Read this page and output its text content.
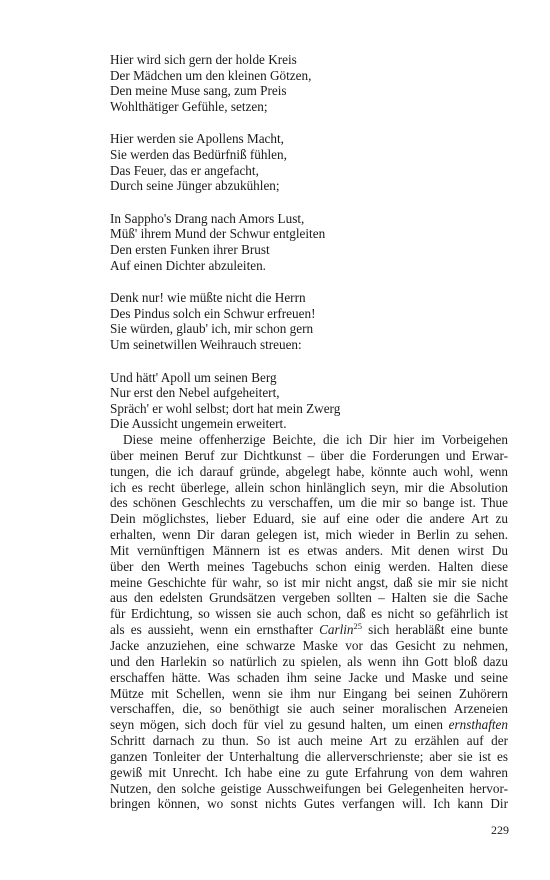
Hier wird sich gern der holde Kreis
Der Mädchen um den kleinen Götzen,
Den meine Muse sang, zum Preis
Wohlthätiger Gefühle, setzen;
Hier werden sie Apollens Macht,
Sie werden das Bedürfniß fühlen,
Das Feuer, das er angefacht,
Durch seine Jünger abzukühlen;
In Sappho's Drang nach Amors Lust,
Müß' ihrem Mund der Schwur entgleiten
Den ersten Funken ihrer Brust
Auf einen Dichter abzuleiten.
Denk nur! wie müßte nicht die Herrn
Des Pindus solch ein Schwur erfreuen!
Sie würden, glaub' ich, mir schon gern
Um seinetwillen Weihrauch streuen:
Und hätt' Apoll um seinen Berg
Nur erst den Nebel aufgeheitert,
Spräch' er wohl selbst; dort hat mein Zwerg
Die Aussicht ungemein erweitert.
Diese meine offenherzige Beichte, die ich Dir hier im Vorbeigehen
über meinen Beruf zur Dichtkunst – über die Forderungen und Erwar-
tungen, die ich darauf gründe, abgelegt habe, könnte auch wohl, wenn
ich es recht überlege, allein schon hinlänglich seyn, mir die Absolution
des schönen Geschlechts zu verschaffen, um die mir so bange ist. Thue
Dein möglichstes, lieber Eduard, sie auf eine oder die andere Art zu
erhalten, wenn Dir daran gelegen ist, mich wieder in Berlin zu sehen.
Mit vernünftigen Männern ist es etwas anders. Mit denen wirst Du
über den Werth meines Tagebuchs schon einig werden. Halten diese
meine Geschichte für wahr, so ist mir nicht angst, daß sie mir sie nicht
aus den edelsten Grundsätzen vergeben sollten – Halten sie die Sache
für Erdichtung, so wissen sie auch schon, daß es nicht so gefährlich ist
als es aussieht, wenn ein ernsthafter Carlin$^{25}$ sich herabläßt eine bunte
Jacke anzuziehen, eine schwarze Maske vor das Gesicht zu nehmen,
und den Harlekin so natürlich zu spielen, als wenn ihn Gott bloß dazu
erschaffen hätte. Was schaden ihm seine Jacke und Maske und seine
Mütze mit Schellen, wenn sie ihm nur Eingang bei seinen Zuhörern
verschaffen, die, so benöthigt sie auch seiner moralischen Arzeneien
seyn mögen, sich doch für viel zu gesund halten, um einen ernsthaften
Schritt darnach zu thun. So ist auch meine Art zu erzählen auf der
ganzen Tonleiter der Unterhaltung die allerverschrienste; aber sie ist es
gewiß mit Unrecht. Ich habe eine zu gute Erfahrung von dem wahren
Nutzen, den solche geistige Ausschweifungen bei Gelegenheiten hervor-
bringen können, wo sonst nichts Gutes verfangen will. Ich kann Dir
229
